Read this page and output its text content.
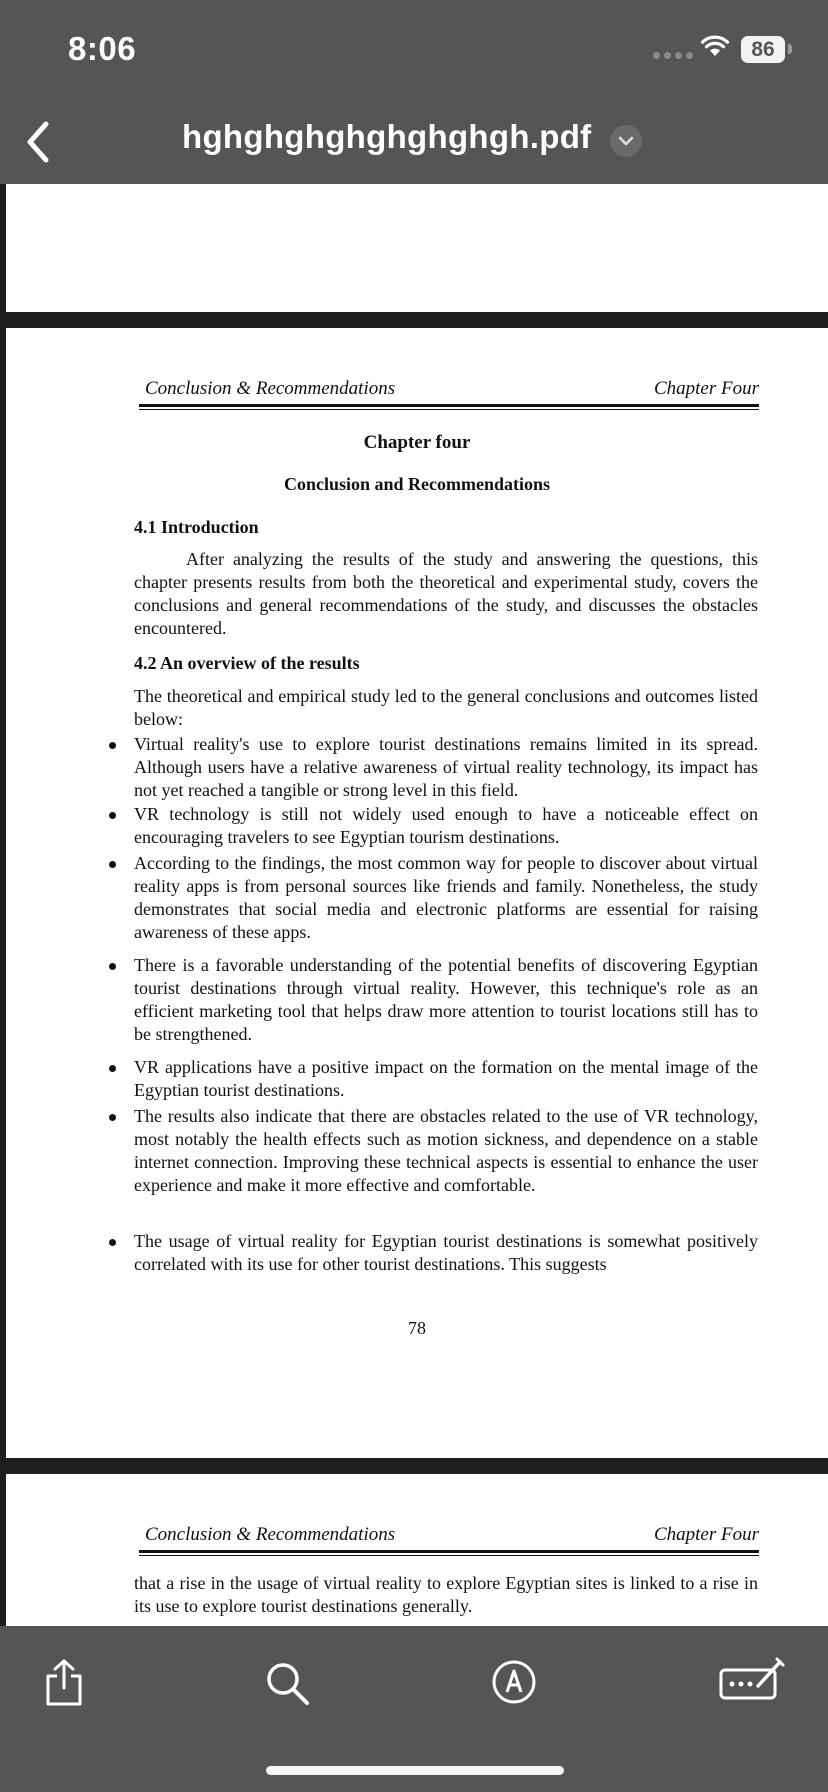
8:06	86
hghghghghghghghgh.pdf
Conclusion & Recommendations	Chapter Four
Chapter four
Conclusion and Recommendations
4.1 Introduction
After analyzing the results of the study and answering the questions, this chapter presents results from both the theoretical and experimental study, covers the conclusions and general recommendations of the study, and discusses the obstacles encountered.
4.2 An overview of the results
The theoretical and empirical study led to the general conclusions and outcomes listed below:
Virtual reality's use to explore tourist destinations remains limited in its spread. Although users have a relative awareness of virtual reality technology, its impact has not yet reached a tangible or strong level in this field.
VR technology is still not widely used enough to have a noticeable effect on encouraging travelers to see Egyptian tourism destinations.
According to the findings, the most common way for people to discover about virtual reality apps is from personal sources like friends and family. Nonetheless, the study demonstrates that social media and electronic platforms are essential for raising awareness of these apps.
There is a favorable understanding of the potential benefits of discovering Egyptian tourist destinations through virtual reality. However, this technique's role as an efficient marketing tool that helps draw more attention to tourist locations still has to be strengthened.
VR applications have a positive impact on the formation on the mental image of the Egyptian tourist destinations.
The results also indicate that there are obstacles related to the use of VR technology, most notably the health effects such as motion sickness, and dependence on a stable internet connection. Improving these technical aspects is essential to enhance the user experience and make it more effective and comfortable.
The usage of virtual reality for Egyptian tourist destinations is somewhat positively correlated with its use for other tourist destinations. This suggests
78
Conclusion & Recommendations	Chapter Four
that a rise in the usage of virtual reality to explore Egyptian sites is linked to a rise in its use to explore tourist destinations generally.
